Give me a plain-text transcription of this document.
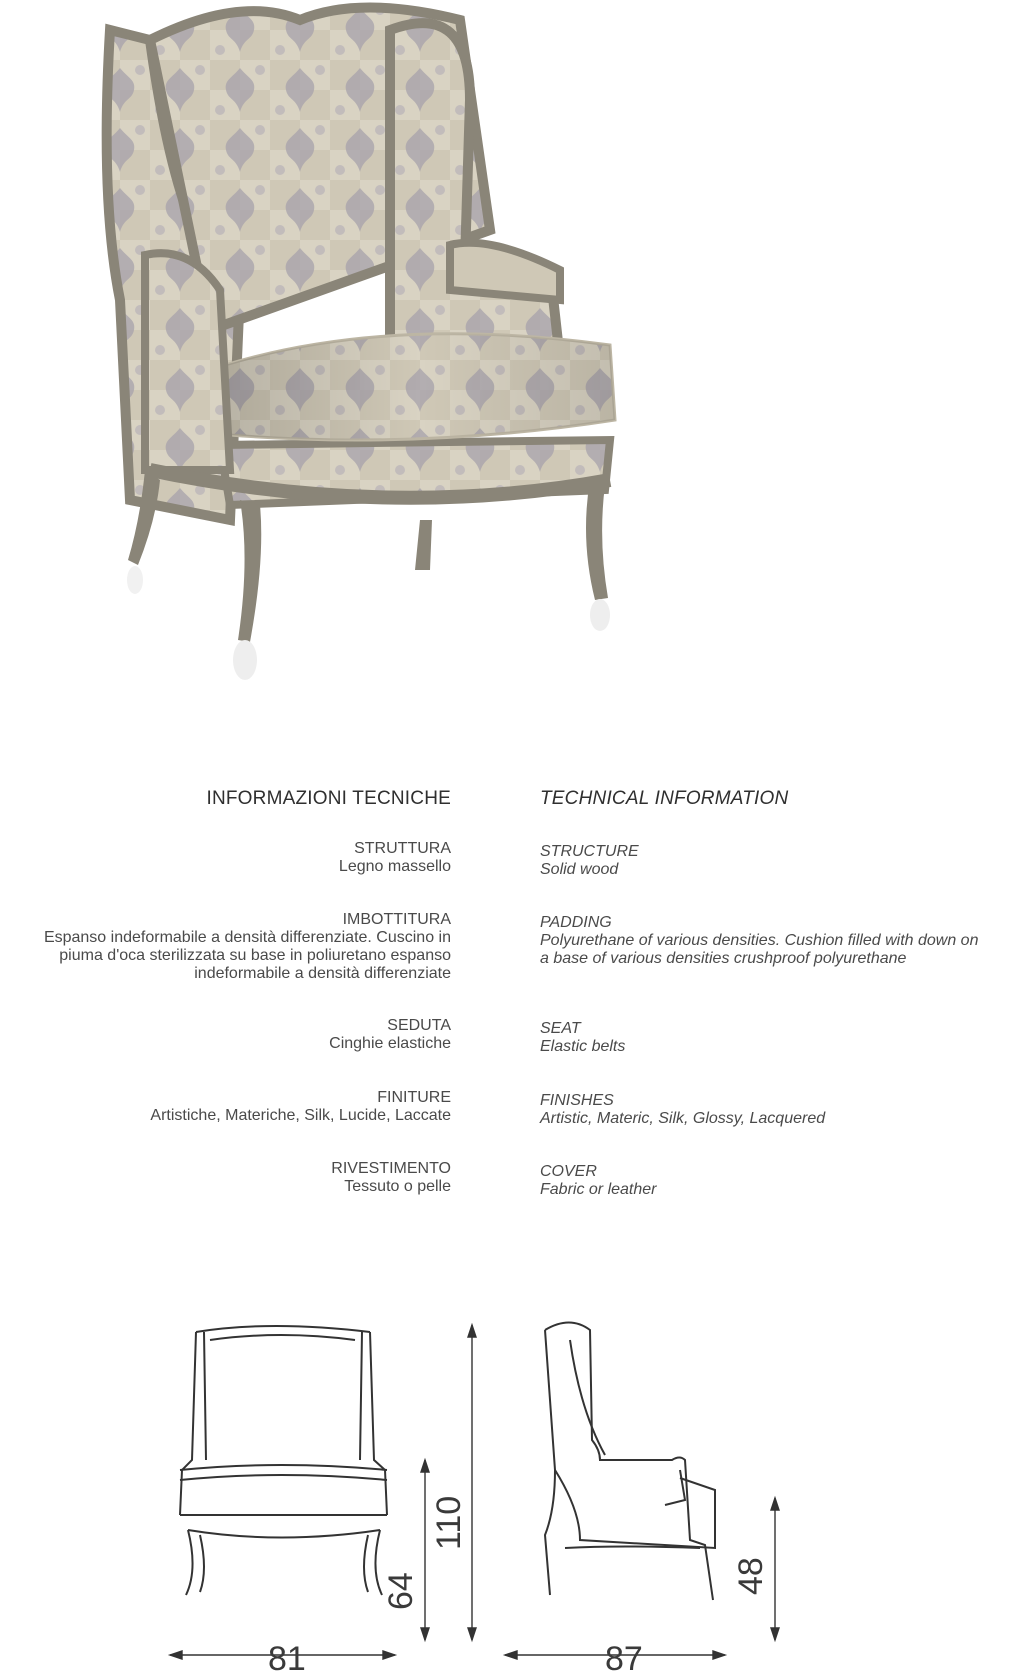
INFORMAZIONI TECNICHE
STRUTTURA
Legno massello
IMBOTTITURA
Espanso indeformabile a densità differenziate. Cuscino in
piuma d'oca sterilizzata su base in poliuretano espanso
indeformabile a densità differenziate
SEDUTA
Cinghie elastiche
FINITURE
Artistiche, Materiche, Silk, Lucide, Laccate
RIVESTIMENTO
Tessuto o pelle
TECHNICAL INFORMATION
STRUCTURE
Solid wood
PADDING
Polyurethane of various densities. Cushion filled with down on
a base of various densities crushproof polyurethane
SEAT
Elastic belts
FINISHES
Artistic, Materic, Silk, Glossy, Lacquered
COVER
Fabric or leather
81
64
110
87
48
